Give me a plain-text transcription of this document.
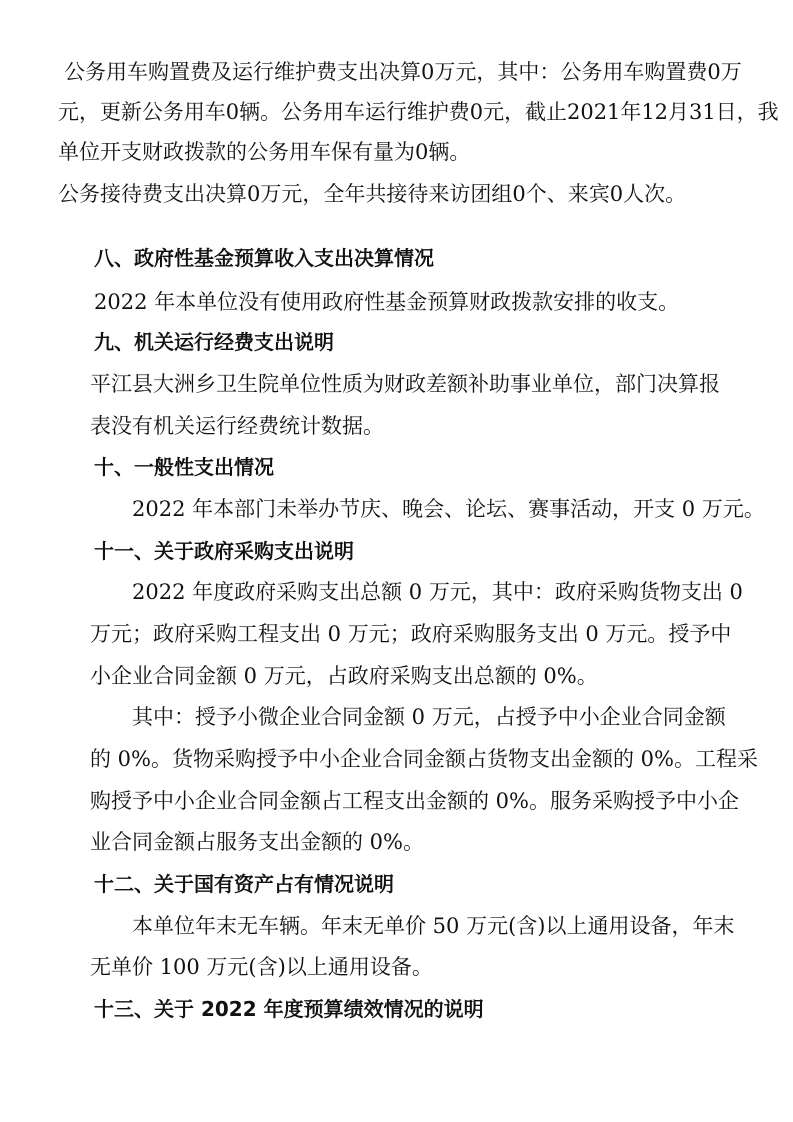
公务用车购置费及运行维护费支出决算0万元，其中：公务用车购置费0万
元，更新公务用车0辆。公务用车运行维护费0元，截止2021年12月31日，我
单位开支财政拨款的公务用车保有量为0辆。
公务接待费支出决算0万元，全年共接待来访团组0个、来宾0人次。
八、政府性基金预算收入支出决算情况
2022 年本单位没有使用政府性基金预算财政拨款安排的收支。
九、机关运行经费支出说明
平江县大洲乡卫生院单位性质为财政差额补助事业单位，部门决算报
表没有机关运行经费统计数据。
十、一般性支出情况
2022 年本部门未举办节庆、晚会、论坛、赛事活动，开支 0 万元。
十一、关于政府采购支出说明
2022 年度政府采购支出总额 0 万元，其中：政府采购货物支出 0
万元；政府采购工程支出 0 万元；政府采购服务支出 0 万元。授予中
小企业合同金额 0 万元，占政府采购支出总额的 0%。
其中：授予小微企业合同金额 0 万元，占授予中小企业合同金额
的 0%。货物采购授予中小企业合同金额占货物支出金额的 0%。工程采
购授予中小企业合同金额占工程支出金额的 0%。服务采购授予中小企
业合同金额占服务支出金额的 0%。
十二、关于国有资产占有情况说明
本单位年末无车辆。年末无单价 50 万元(含)以上通用设备，年末
无单价 100 万元(含)以上通用设备。
十三、关于 2022 年度预算绩效情况的说明
